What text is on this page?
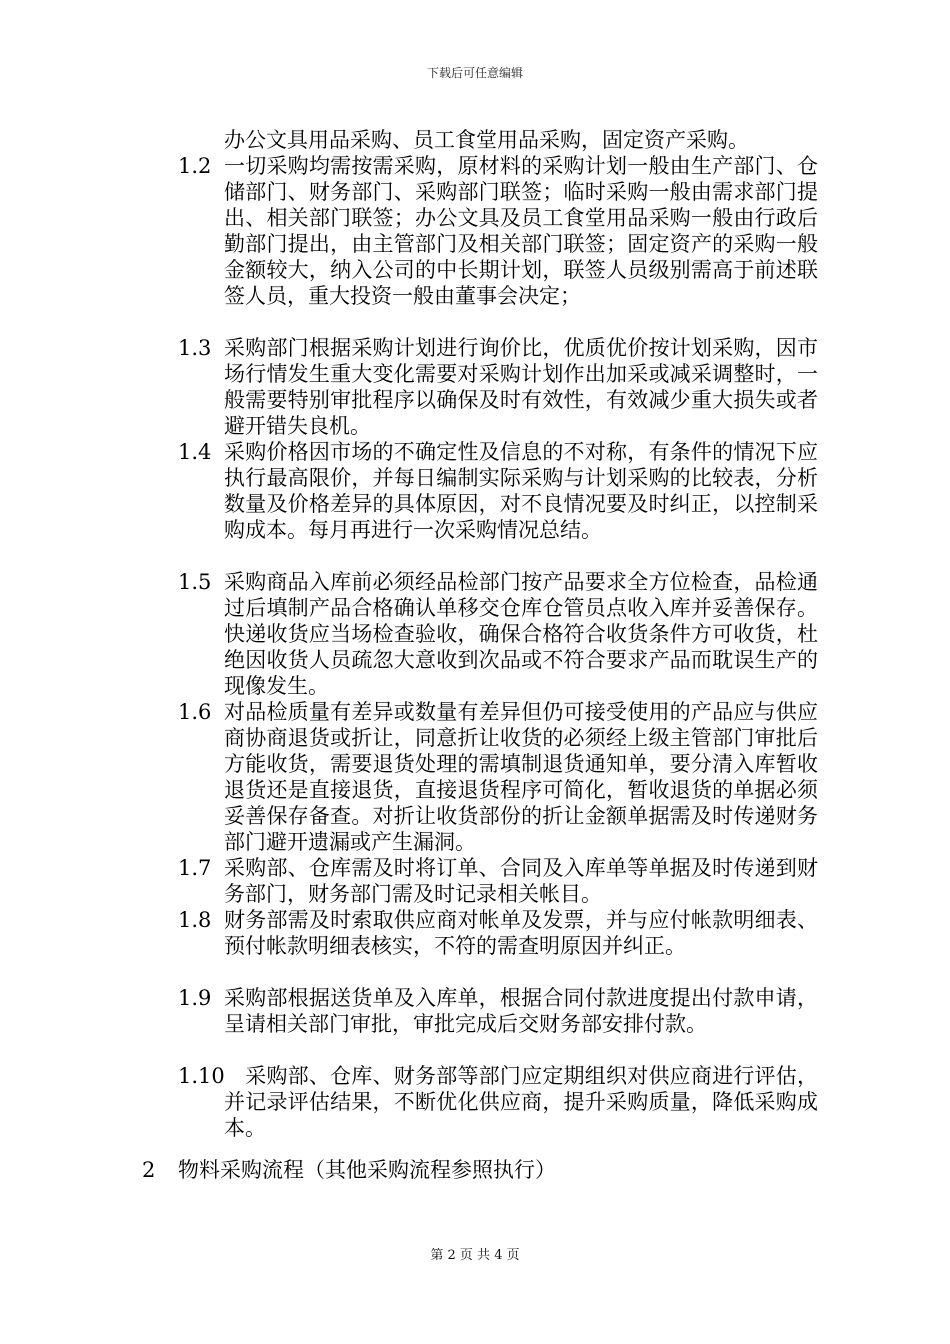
下载后可任意编辑
办公文具用品采购、员工食堂用品采购，固定资产采购。
1.2 一切采购均需按需采购，原材料的采购计划一般由生产部门、仓储部门、财务部门、采购部门联签；临时采购一般由需求部门提出、相关部门联签；办公文具及员工食堂用品采购一般由行政后勤部门提出，由主管部门及相关部门联签；固定资产的采购一般金额较大，纳入公司的中长期计划，联签人员级别需高于前述联签人员，重大投资一般由董事会决定；
1.3 采购部门根据采购计划进行询价比，优质优价按计划采购，因市场行情发生重大变化需要对采购计划作出加采或减采调整时，一般需要特别审批程序以确保及时有效性，有效减少重大损失或者避开错失良机。
1.4 采购价格因市场的不确定性及信息的不对称，有条件的情况下应执行最高限价，并每日编制实际采购与计划采购的比较表，分析数量及价格差异的具体原因，对不良情况要及时纠正，以控制采购成本。每月再进行一次采购情况总结。
1.5 采购商品入库前必须经品检部门按产品要求全方位检查，品检通过后填制产品合格确认单移交仓库仓管员点收入库并妥善保存。快递收货应当场检查验收，确保合格符合收货条件方可收货，杜绝因收货人员疏忽大意收到次品或不符合要求产品而耽误生产的现像发生。
1.6 对品检质量有差异或数量有差异但仍可接受使用的产品应与供应商协商退货或折让，同意折让收货的必须经上级主管部门审批后方能收货，需要退货处理的需填制退货通知单，要分清入库暂收退货还是直接退货，直接退货程序可简化，暂收退货的单据必须妥善保存备查。对折让收货部份的折让金额单据需及时传递财务部门避开遗漏或产生漏洞。
1.7 采购部、仓库需及时将订单、合同及入库单等单据及时传递到财务部门，财务部门需及时记录相关帐目。
1.8 财务部需及时索取供应商对帐单及发票，并与应付帐款明细表、预付帐款明细表核实，不符的需查明原因并纠正。
1.9 采购部根据送货单及入库单，根据合同付款进度提出付款申请，呈请相关部门审批，审批完成后交财务部安排付款。
1.10 　采购部、仓库、财务部等部门应定期组织对供应商进行评估，并记录评估结果，不断优化供应商，提升采购质量，降低采购成本。
2 物料采购流程（其他采购流程参照执行）
第 2 页 共 4 页
